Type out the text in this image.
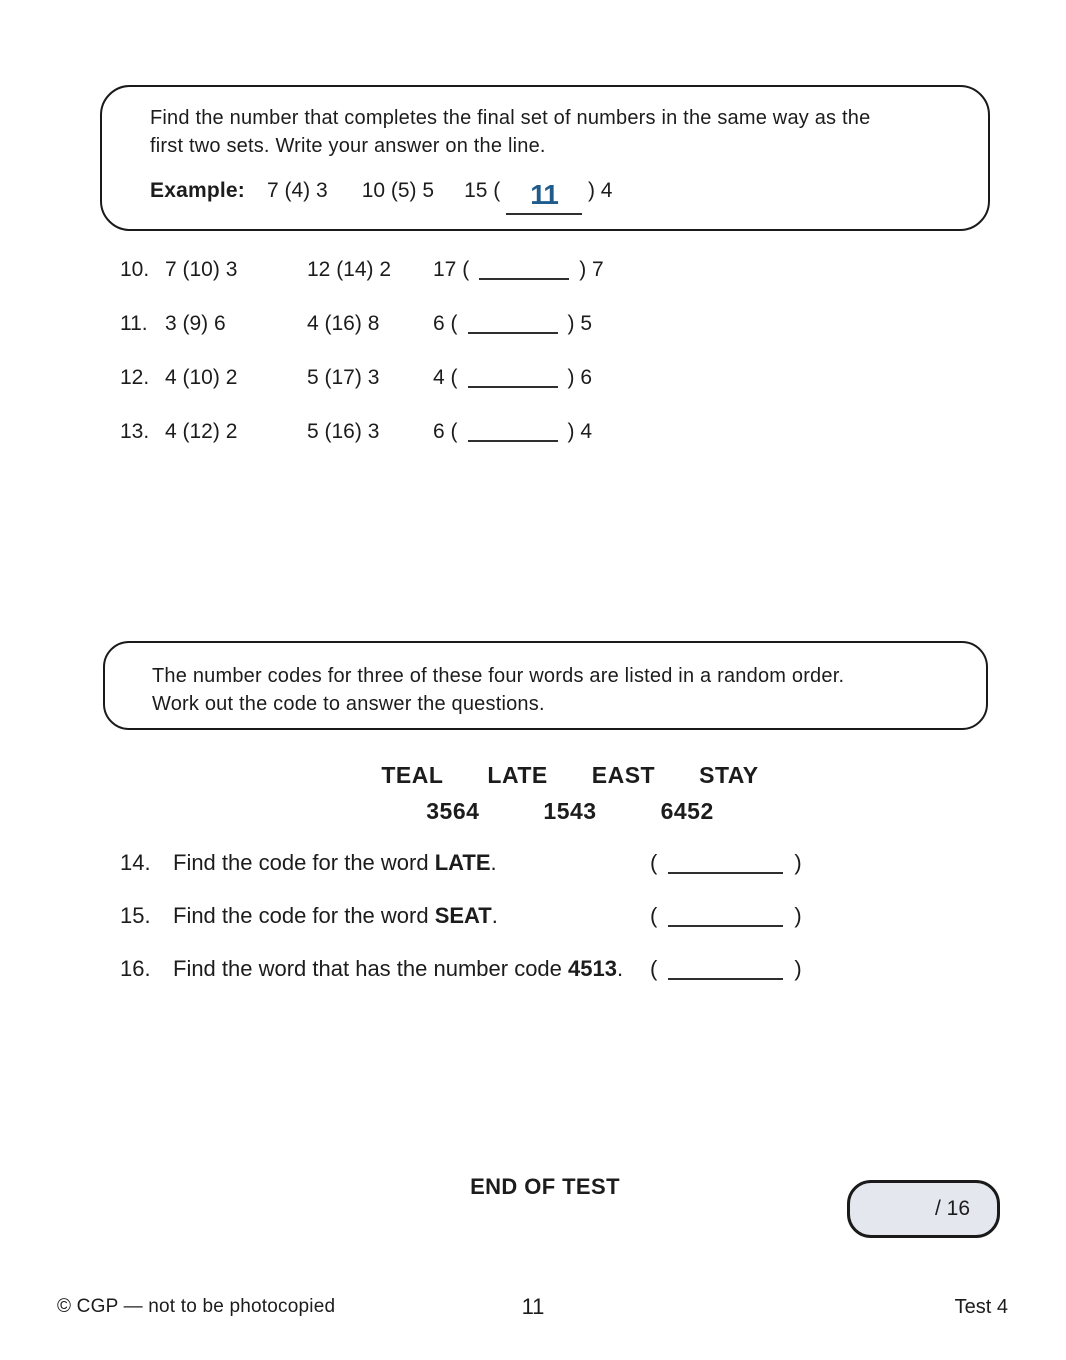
Find the number that completes the final set of numbers in the same way as the
first two sets. Write your answer on the line.
Example: 7 (4) 3 10 (5) 5 15 ( 11 ) 4
10. 7 (10) 3	12 (14) 2	17 (	) 7
11. 3 (9) 6	4 (16) 8	6 (	) 5
12. 4 (10) 2	5 (17) 3	4 (	) 6
13. 4 (12) 2	5 (16) 3	6 (	) 4
The number codes for three of these four words are listed in a random order.
Work out the code to answer the questions.
TEAL LATE EAST STAY
3564	1543	6452
14. Find the code for the word LATE.	(	)
15. Find the code for the word SEAT.	(	)
16. Find the word that has the number code 4513. (	)
END OF TEST
/ 16
© CGP — not to be photocopied	11	Test 4
